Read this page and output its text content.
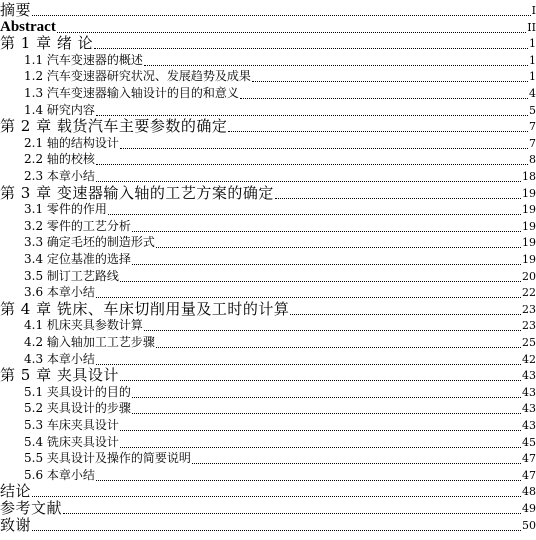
摘要	I
Abstract	II
第 1 章 绪 论	1
1.1 汽车变速器的概述	1
1.2 汽车变速器研究状况、发展趋势及成果	1
1.3 汽车变速器输入轴设计的目的和意义	4
1.4 研究内容	5
第 2 章 载货汽车主要参数的确定	7
2.1 轴的结构设计	7
2.2 轴的校核	8
2.3 本章小结	18
第 3 章 变速器输入轴的工艺方案的确定	19
3.1 零件的作用	19
3.2 零件的工艺分析	19
3.3 确定毛坯的制造形式	19
3.4 定位基准的选择	19
3.5 制订工艺路线	20
3.6 本章小结	22
第 4 章 铣床、车床切削用量及工时的计算	23
4.1 机床夹具参数计算	23
4.2 输入轴加工工艺步骤	25
4.3 本章小结	42
第 5 章 夹具设计	43
5.1 夹具设计的目的	43
5.2 夹具设计的步骤	43
5.3 车床夹具设计	43
5.4 铣床夹具设计	45
5.5 夹具设计及操作的简要说明	47
5.6 本章小结	47
结论	48
参考文献	49
致谢	50
